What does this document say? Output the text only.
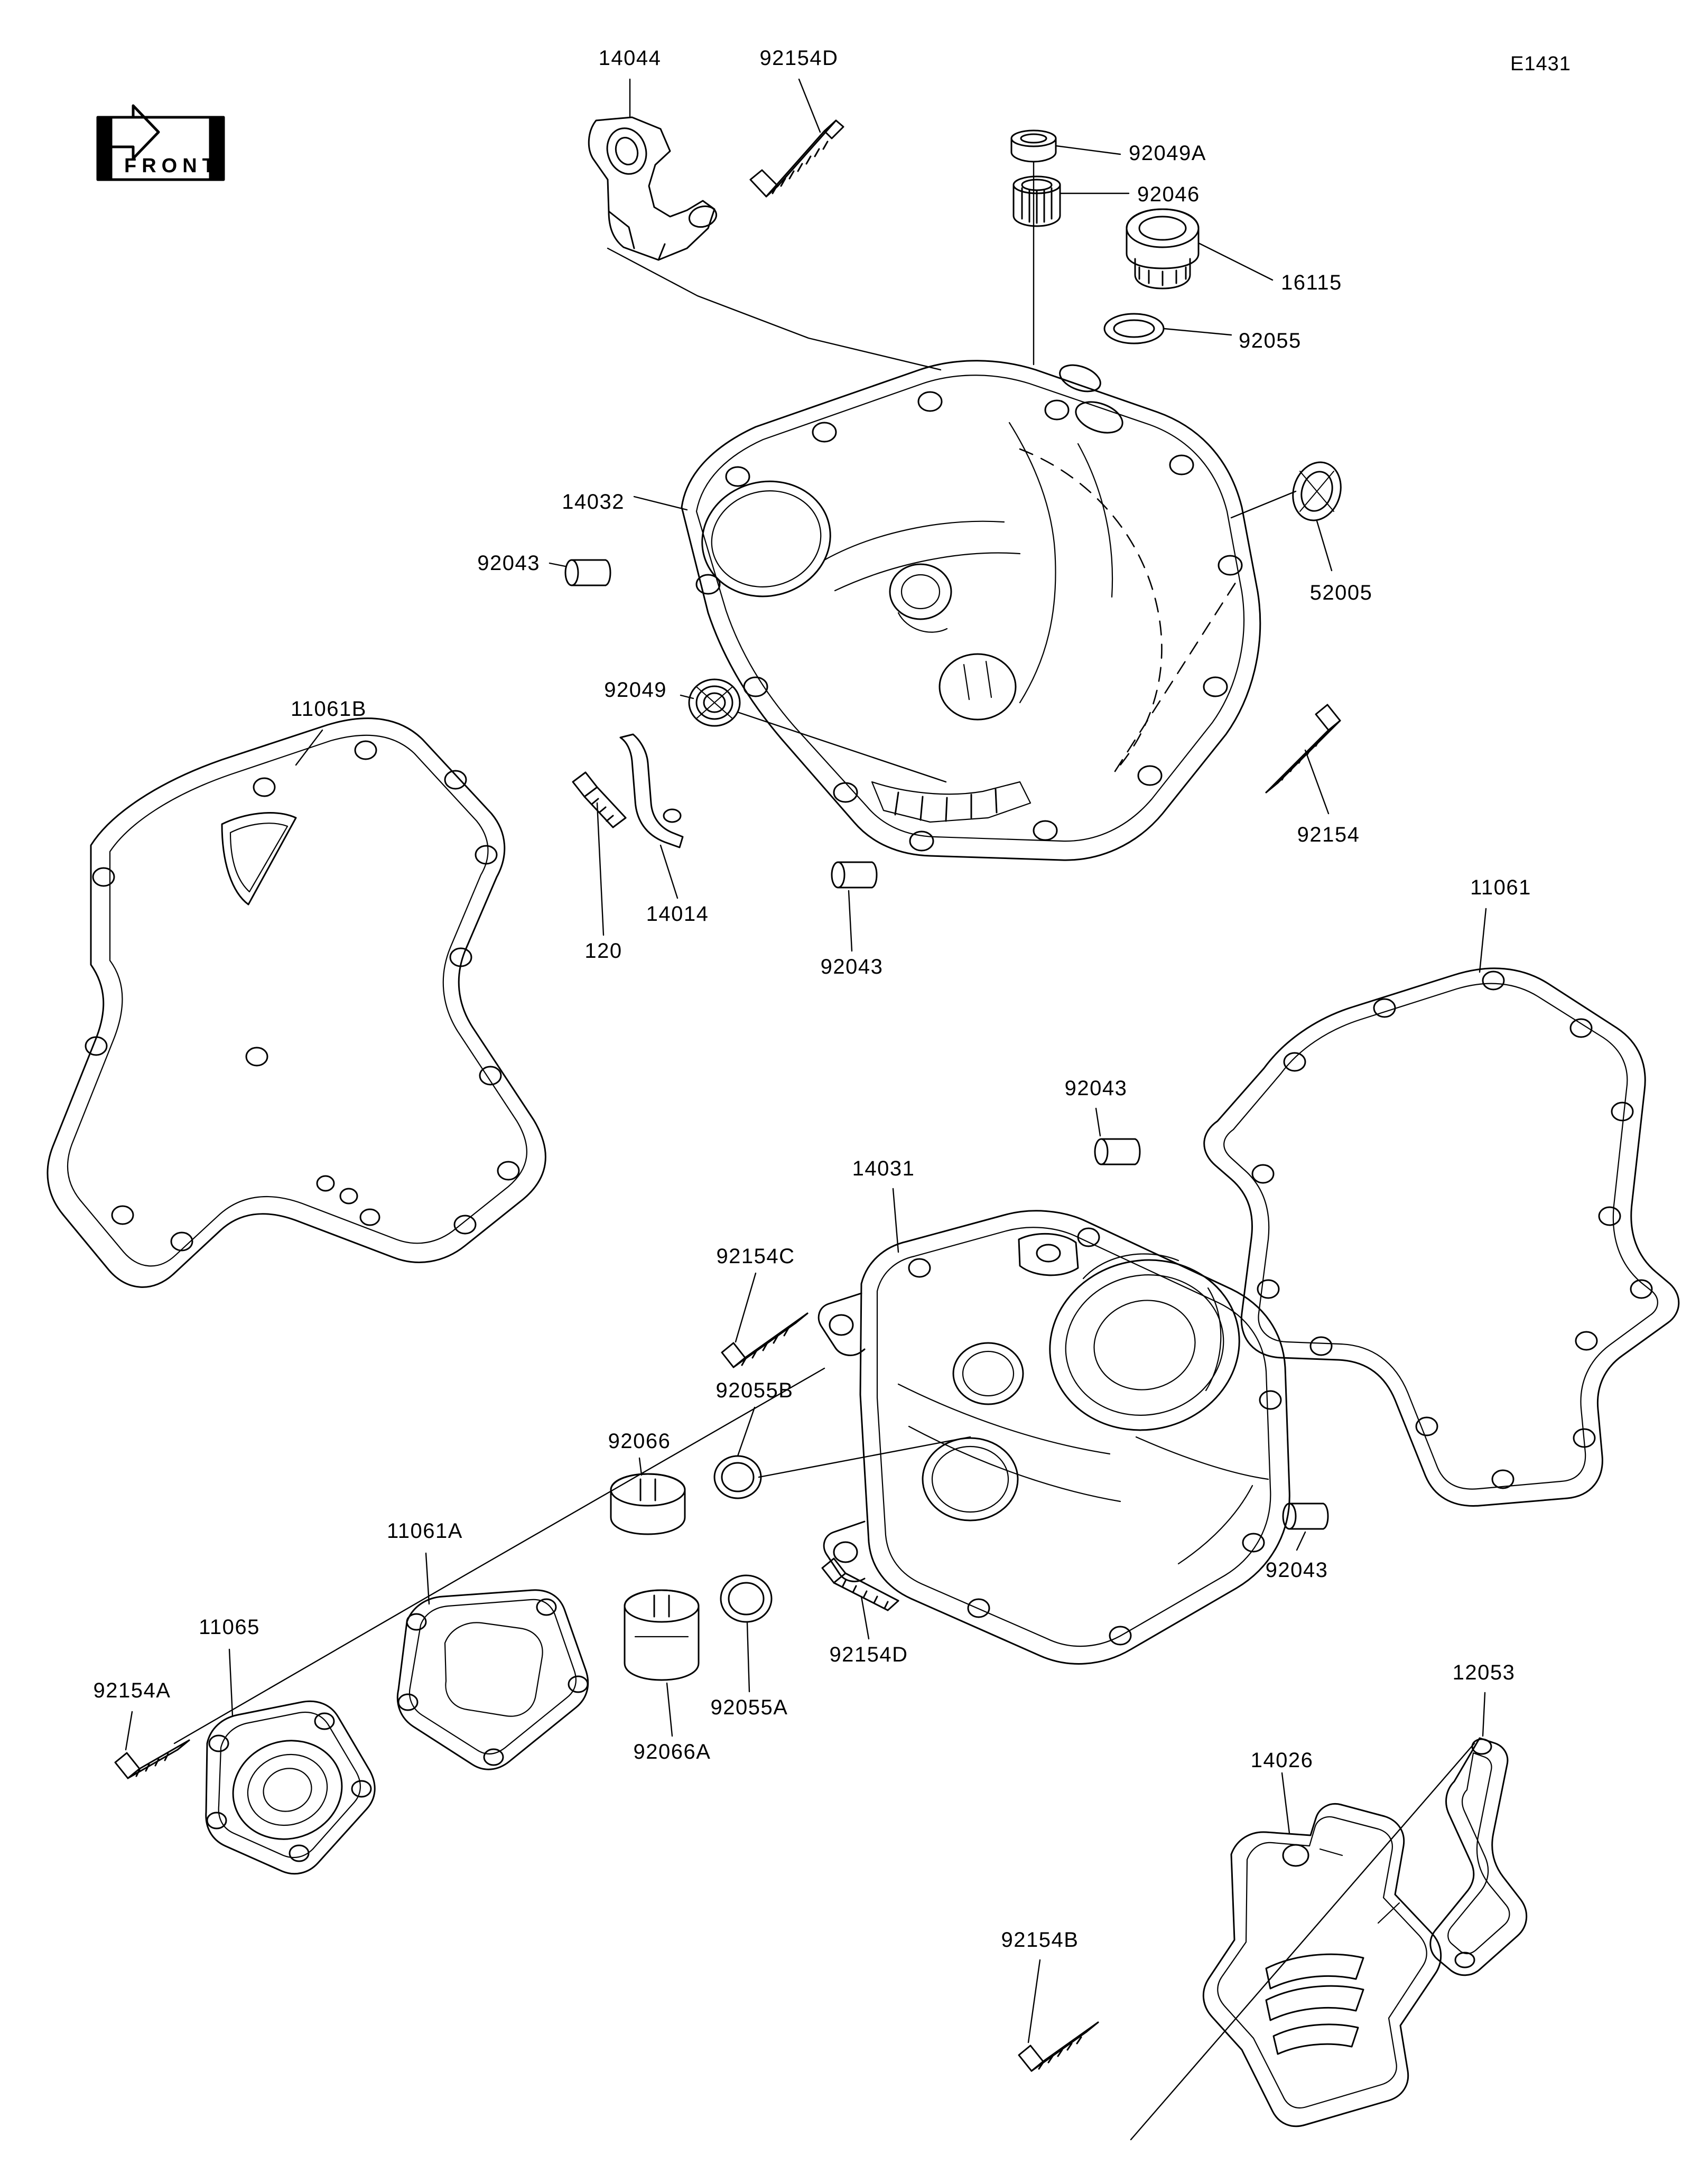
FRONT
E1431
14044	92154D
92049A
92046
16115
92055
14032
92043
52005
11061B
92049
92154
14014
120
92043
11061
92043
14031
92154C
92055B
92066
11061A
92043
92154D
92055A
11065
92154A
92066A
12053
14026
92154B
